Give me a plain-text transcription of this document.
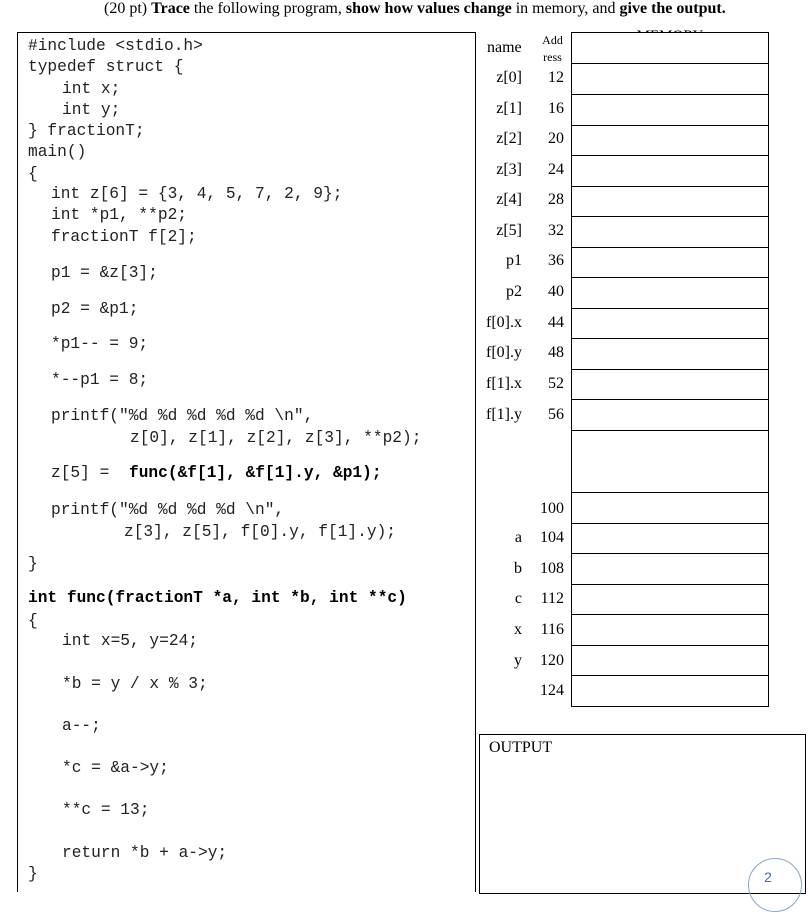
(20 pt) Trace the following program, show how values change in memory, and give the output.
#include <stdio.h>
typedef struct {
int x;
int y;
} fractionT;
main()
{
int z[6] = {3, 4, 5, 7, 2, 9};
int *p1, **p2;
fractionT f[2];
p1 = &z[3];
p2 = &p1;
*p1-- = 9;
*--p1 = 8;
printf("%d %d %d %d %d \n",
z[0], z[1], z[2], z[3], **p2);
z[5] = func(&f[1], &f[1].y, &p1);
printf("%d %d %d %d \n",
z[3], z[5], f[0].y, f[1].y);
}
int func(fractionT *a, int *b, int **c)
{
int x=5, y=24;
*b = y / x % 3;
a--;
*c = &a->y;
**c = 13;
return *b + a->y;
}
name Add
ress
z[0]
z[1]
z[2]
z[3]
z[4]
z[5]
p1
p2
f[0].x
f[0].y
f[1].x
f[1].y
a
b
c
x
y
12
16
20
24
28
32
36
40
44
48
52
56
100
104
108
112
116
120
124
OUTPUT
2
